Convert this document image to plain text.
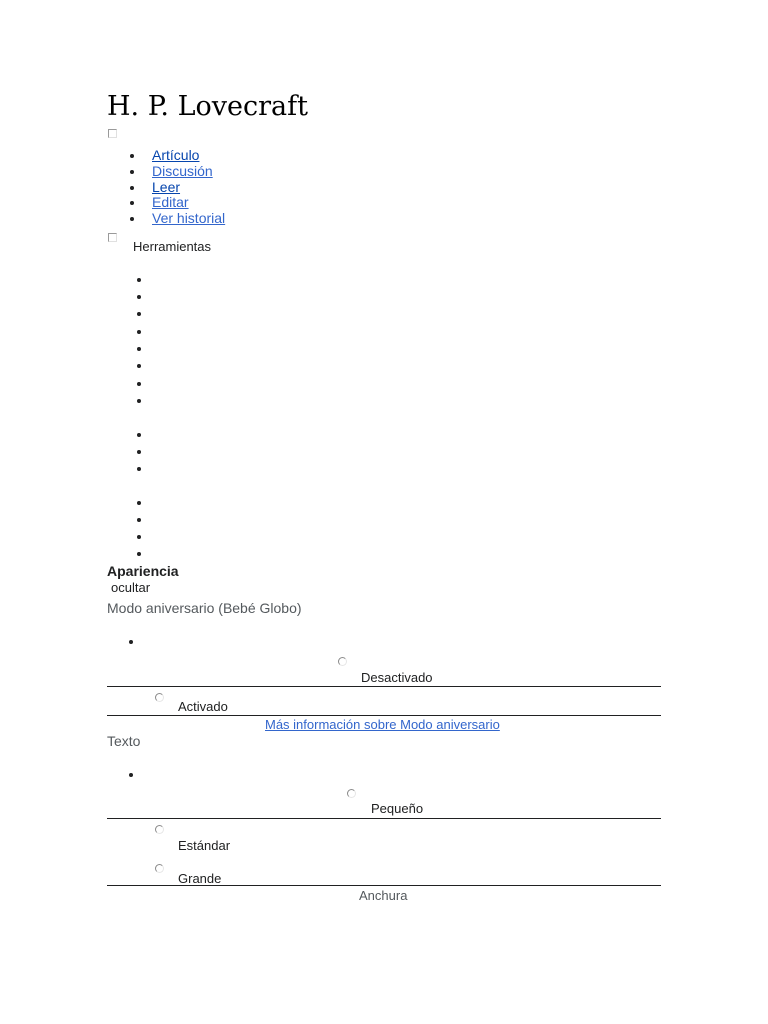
H. P. Lovecraft
Artículo
Discusión
Leer
Editar
Ver historial
Herramientas
Apariencia
ocultar
Modo aniversario (Bebé Globo)
Desactivado
Activado
Más información sobre Modo aniversario
Texto
Pequeño
Estándar
Grande
Anchura
